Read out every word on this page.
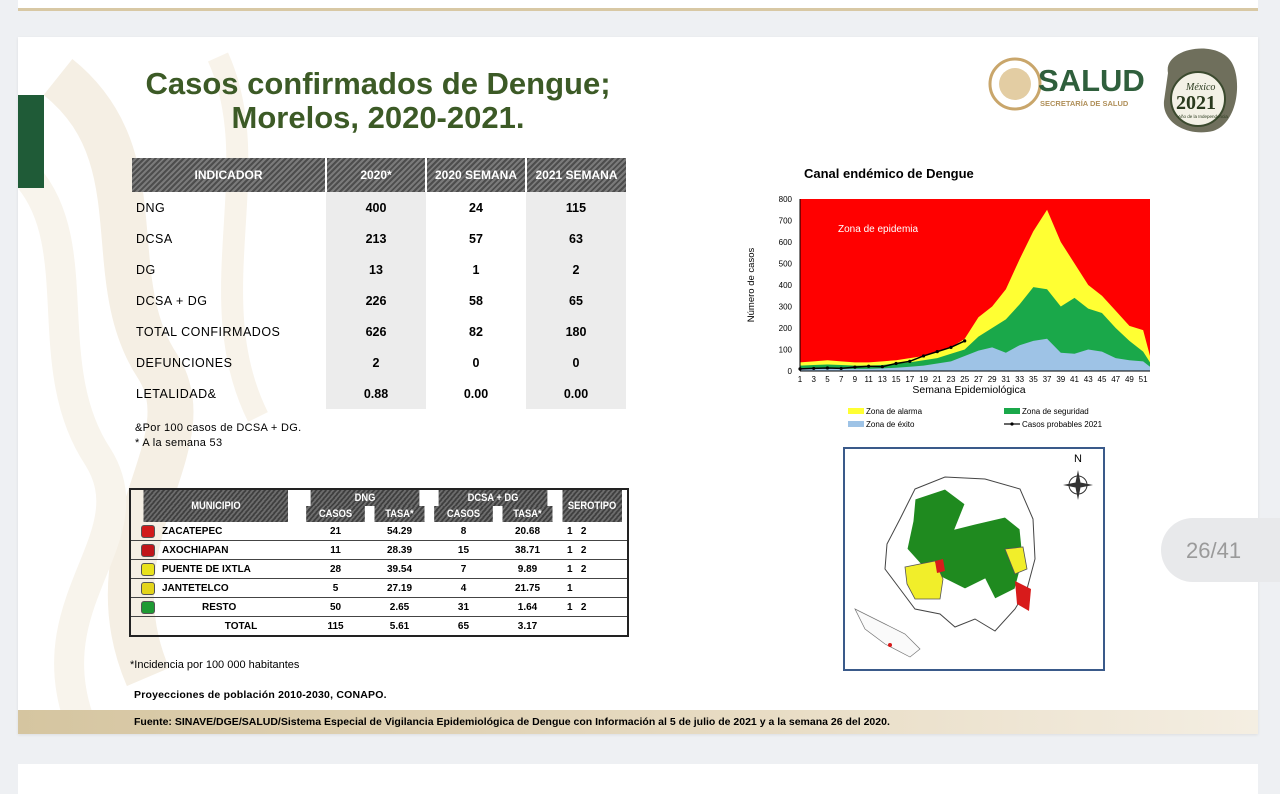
Casos confirmados de Dengue;
Morelos, 2020-2021.
SALUD
SECRETARÍA DE SALUD
México
2021
Año de la Independencia
INDICADOR	2020*	2020 SEMANA	2021 SEMANA
DNG	400	24	115
DCSA	213	57	63
DG	13	1	2
DCSA + DG	226	58	65
TOTAL CONFIRMADOS	626	82	180
DEFUNCIONES	2	0	0
LETALIDAD&	0.88	0.00	0.00
&Por 100 casos de DCSA + DG.
* A la semana 53
MUNICIPIO	DNG		DCSA + DG		SEROTIPO
	CASOS	TASA*	CASOS	TASA*	
ZACATEPEC	21	54.29	8	20.68	1   2
AXOCHIAPAN	11	28.39	15	38.71	1   2
PUENTE DE IXTLA	28	39.54	7	9.89	1   2
JANTETELCO	5	27.19	4	21.75	1
RESTO	50	2.65	31	1.64	1   2
TOTAL	115	5.61	65	3.17	
*Incidencia por 100 000 habitantes
Proyecciones de población 2010-2030, CONAPO.
Fuente: SINAVE/DGE/SALUD/Sistema Especial de Vigilancia Epidemiológica de Dengue con Información al 5 de julio de 2021 y a la semana 26 del 2020.
Canal endémico de Dengue
Zona de epidemia
0
100
200
300
400
500
600
700
800
1 3 5 7 9 11 13 15 17 19 21 23 25 27 29 31 33 35 37 39 41 43 45 47 49 51
Semana Epidemiológica
Número de casos
Zona de alarma	Zona de seguridad
Zona de éxito	Casos probables 2021
N
26/41
